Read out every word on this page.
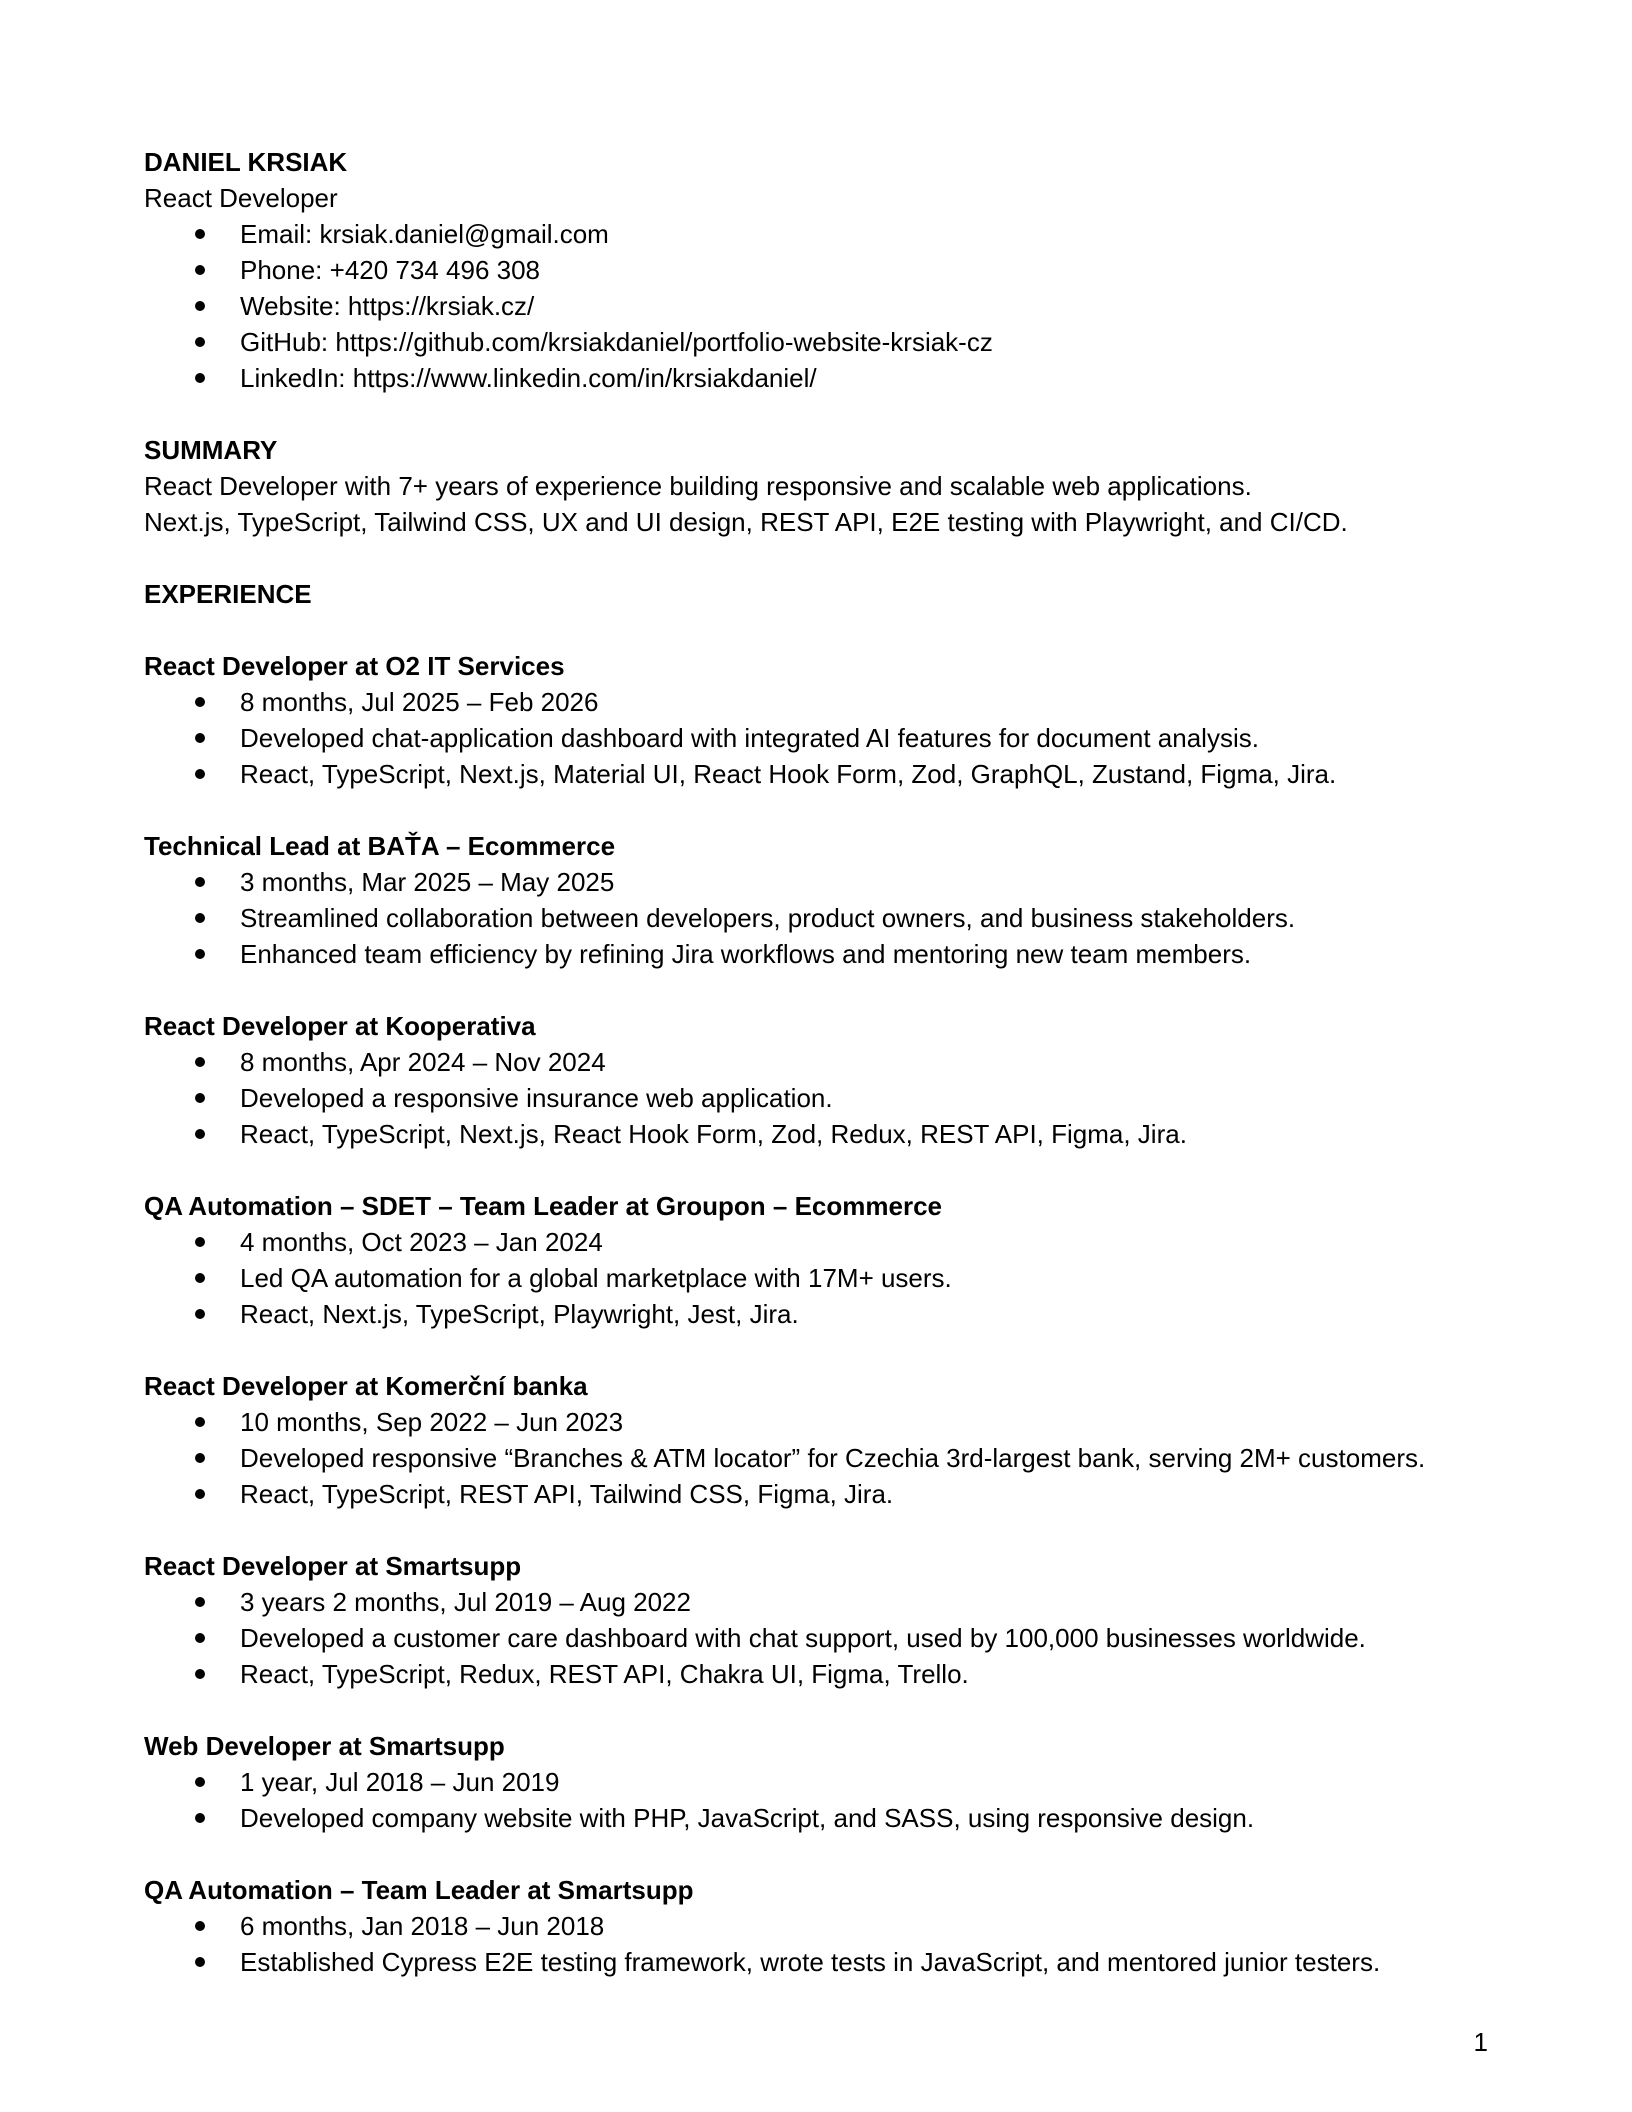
DANIEL KRSIAK
React Developer
Email: krsiak.daniel@gmail.com
Phone: +420 734 496 308
Website: https://krsiak.cz/
GitHub: https://github.com/krsiakdaniel/portfolio-website-krsiak-cz
LinkedIn: https://www.linkedin.com/in/krsiakdaniel/
SUMMARY
React Developer with 7+ years of experience building responsive and scalable web applications.
Next.js, TypeScript, Tailwind CSS, UX and UI design, REST API, E2E testing with Playwright, and CI/CD.
EXPERIENCE
React Developer at O2 IT Services
8 months, Jul 2025 – Feb 2026
Developed chat-application dashboard with integrated AI features for document analysis.
React, TypeScript, Next.js, Material UI, React Hook Form, Zod, GraphQL, Zustand, Figma, Jira.
Technical Lead at BAŤA – Ecommerce
3 months, Mar 2025 – May 2025
Streamlined collaboration between developers, product owners, and business stakeholders.
Enhanced team efficiency by refining Jira workflows and mentoring new team members.
React Developer at Kooperativa
8 months, Apr 2024 – Nov 2024
Developed a responsive insurance web application.
React, TypeScript, Next.js, React Hook Form, Zod, Redux, REST API, Figma, Jira.
QA Automation – SDET – Team Leader at Groupon – Ecommerce
4 months, Oct 2023 – Jan 2024
Led QA automation for a global marketplace with 17M+ users.
React, Next.js, TypeScript, Playwright, Jest, Jira.
React Developer at Komerční banka
10 months, Sep 2022 – Jun 2023
Developed responsive “Branches & ATM locator” for Czechia 3rd-largest bank, serving 2M+ customers.
React, TypeScript, REST API, Tailwind CSS, Figma, Jira.
React Developer at Smartsupp
3 years 2 months, Jul 2019 – Aug 2022
Developed a customer care dashboard with chat support, used by 100,000 businesses worldwide.
React, TypeScript, Redux, REST API, Chakra UI, Figma, Trello.
Web Developer at Smartsupp
1 year, Jul 2018 – Jun 2019
Developed company website with PHP, JavaScript, and SASS, using responsive design.
QA Automation – Team Leader at Smartsupp
6 months, Jan 2018 – Jun 2018
Established Cypress E2E testing framework, wrote tests in JavaScript, and mentored junior testers.
1
